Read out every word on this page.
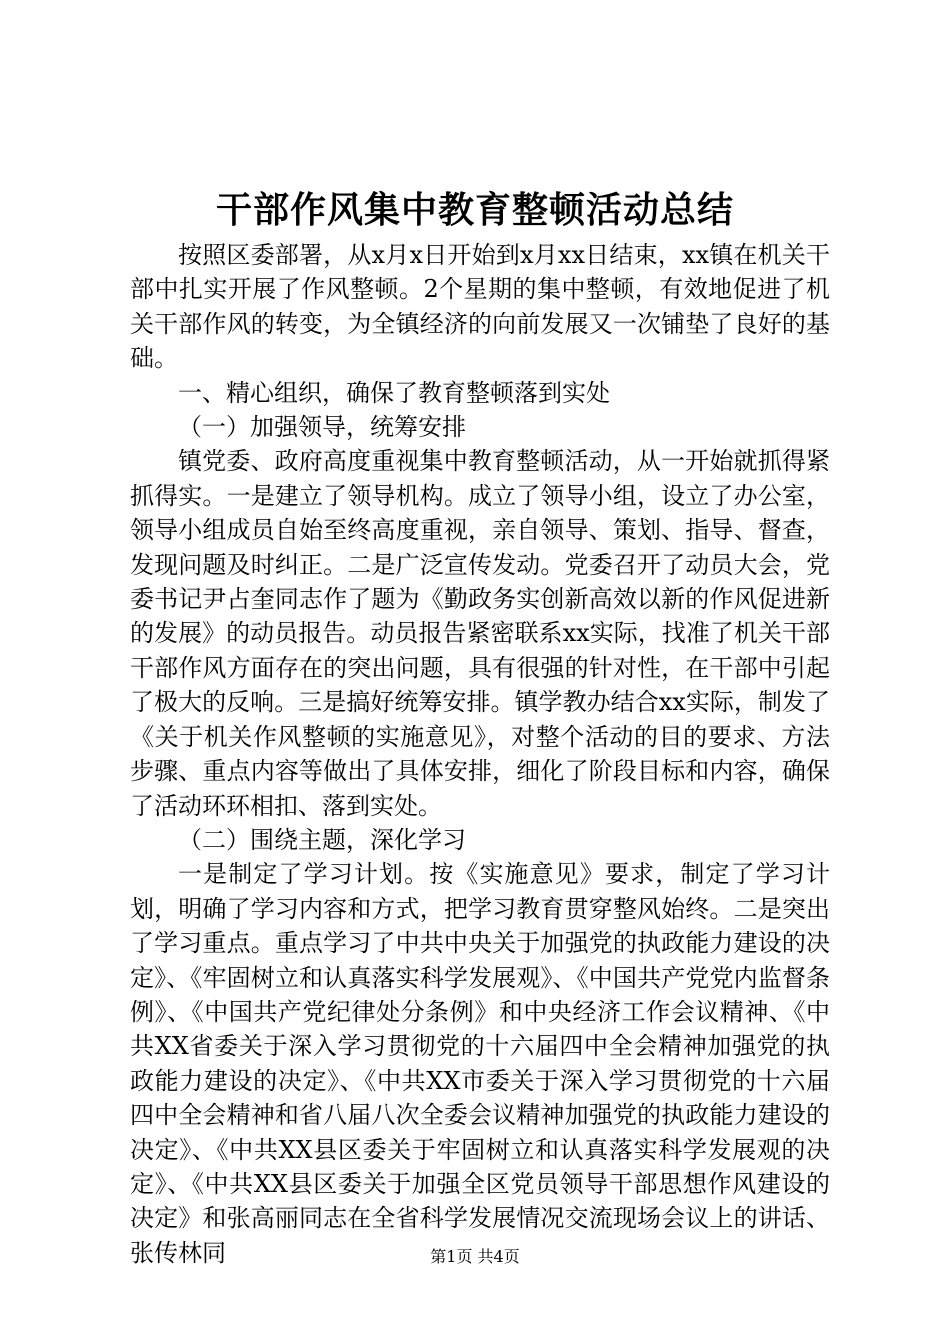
干部作风集中教育整顿活动总结

按照区委部署，从x月x日开始到x月xx日结束，xx镇在机关干部中扎实开展了作风整顿。2个星期的集中整顿，有效地促进了机关干部作风的转变，为全镇经济的向前发展又一次铺垫了良好的基础。

一、精心组织，确保了教育整顿落到实处

（一）加强领导，统筹安排

镇党委、政府高度重视集中教育整顿活动，从一开始就抓得紧抓得实。一是建立了领导机构。成立了领导小组，设立了办公室，领导小组成员自始至终高度重视，亲自领导、策划、指导、督查，发现问题及时纠正。二是广泛宣传发动。党委召开了动员大会，党委书记尹占奎同志作了题为《勤政务实创新高效以新的作风促进新的发展》的动员报告。动员报告紧密联系xx实际，找准了机关干部干部作风方面存在的突出问题，具有很强的针对性，在干部中引起了极大的反响。三是搞好统筹安排。镇学教办结合xx实际，制发了《关于机关作风整顿的实施意见》，对整个活动的目的要求、方法步骤、重点内容等做出了具体安排，细化了阶段目标和内容，确保了活动环环相扣、落到实处。

（二）围绕主题，深化学习

一是制定了学习计划。按《实施意见》要求，制定了学习计划，明确了学习内容和方式，把学习教育贯穿整风始终。二是突出了学习重点。重点学习了中共中央关于加强党的执政能力建设的决定》、《牢固树立和认真落实科学发展观》、《中国共产党党内监督条例》、《中国共产党纪律处分条例》和中央经济工作会议精神、《中共XX省委关于深入学习贯彻党的十六届四中全会精神加强党的执政能力建设的决定》、《中共XX市委关于深入学习贯彻党的十六届四中全会精神和省八届八次全委会议精神加强党的执政能力建设的决定》、《中共XX县区委关于牢固树立和认真落实科学发展观的决定》、《中共XX县区委关于加强全区党员领导干部思想作风建设的决定》和张高丽同志在全省科学发展情况交流现场会议上的讲话、张传林同	第1页 共4页
